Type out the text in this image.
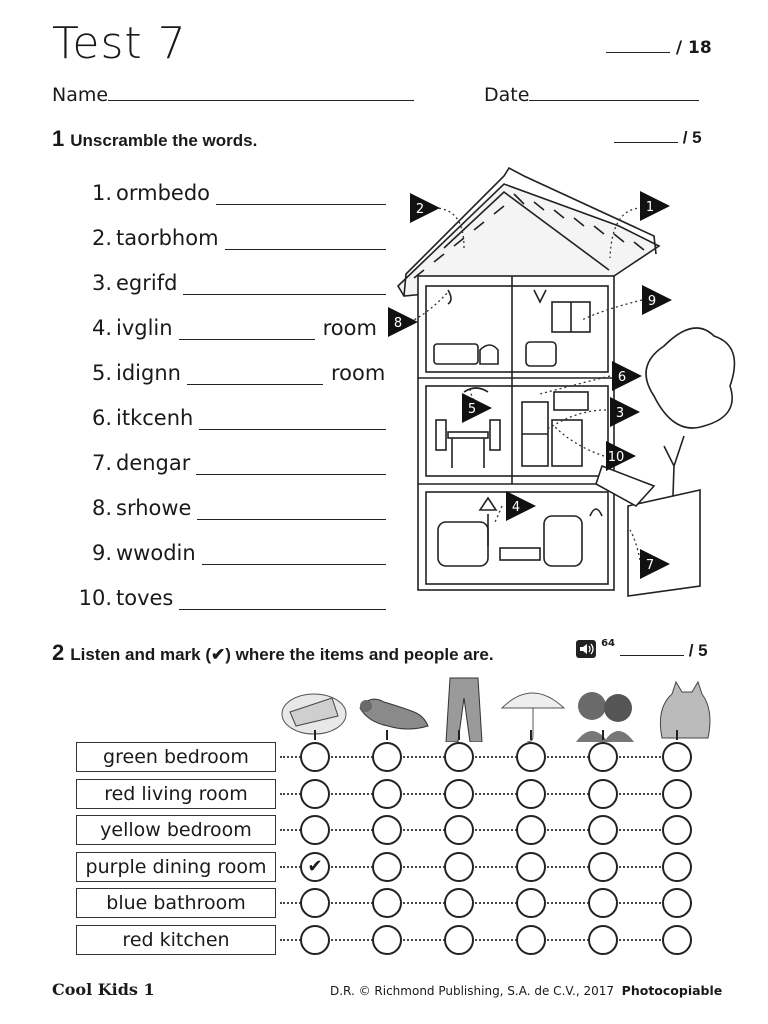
Test 7	/ 18
Name	Date
1 Unscramble the words.	/ 5
1. ormbedo
2. taorbhom
3. egrifd
4. ivglin	room
5. idignn	room
6. itkcenh
7. dengar
8. srhowe
9. wwodin
10. toves
1
2
3
4
5
6
7
8
9
10
2 Listen and mark (✔) where the items and people are.
$^{64}$	/ 5
green bedroom
red living room
yellow bedroom
purple dining room	✔
blue bathroom
red kitchen
Cool Kids 1	D.R. © Richmond Publishing, S.A. de C.V., 2017 Photocopiable
